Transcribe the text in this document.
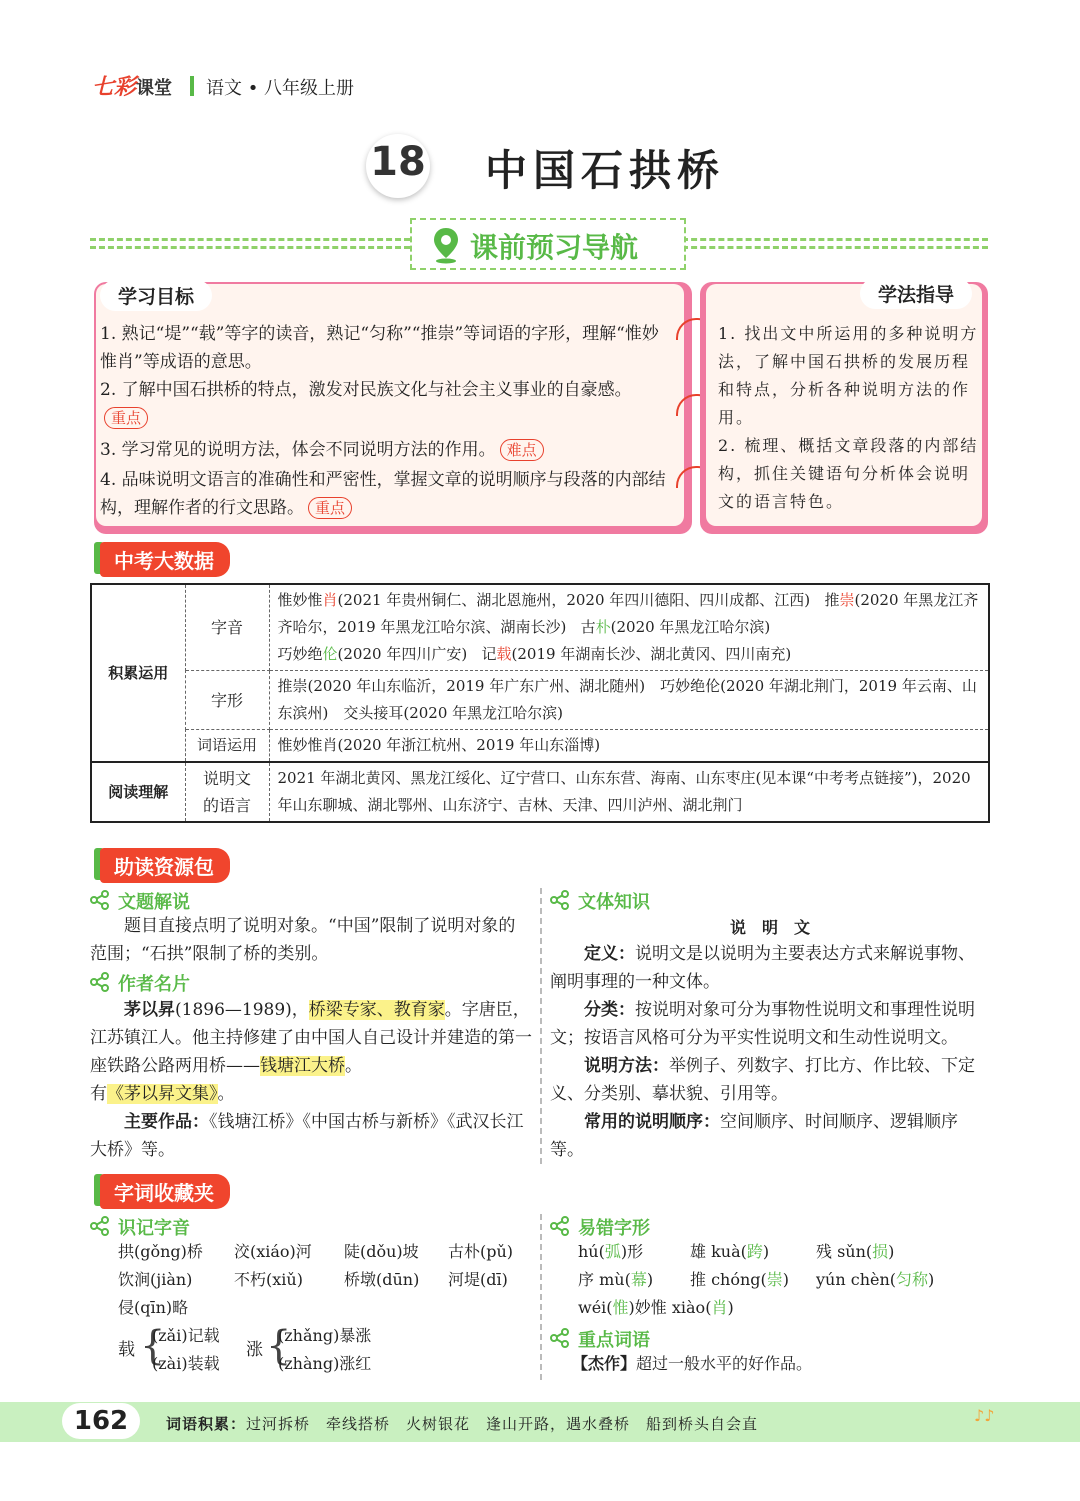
七彩课堂 语文 • 八年级上册
18 中国石拱桥
课前预习导航
学习目标
1. 熟记“堤”“载”等字的读音，熟记“匀称”“推崇”等词语的字形，理解“惟妙惟肖”等成语的意思。
2. 了解中国石拱桥的特点，激发对民族文化与社会主义事业的自豪感。重点
3. 学习常见的说明方法，体会不同说明方法的作用。 难点
4. 品味说明文语言的准确性和严密性，掌握文章的说明顺序与段落的内部结构，理解作者的行文思路。 重点
学法指导
1. 找出文中所运用的多种说明方法，了解中国石拱桥的发展历程和特点，分析各种说明方法的作用。
2. 梳理、概括文章段落的内部结构，抓住关键语句分析体会说明文的语言特色。
中考大数据
积累运用	字音	惟妙惟肖(2021 年贵州铜仁、湖北恩施州，2020 年四川德阳、四川成都、江西) 推崇(2020 年黑龙江齐齐哈尔，2019 年黑龙江哈尔滨、湖南长沙) 古朴(2020 年黑龙江哈尔滨)
巧妙绝伦(2020 年四川广安) 记载(2019 年湖南长沙、湖北黄冈、四川南充)
	字形	推崇(2020 年山东临沂，2019 年广东广州、湖北随州)　巧妙绝伦(2020 年湖北荆门，2019 年云南、山东滨州)　交头接耳(2020 年黑龙江哈尔滨)
	词语运用	惟妙惟肖(2020 年浙江杭州、2019 年山东淄博)
阅读理解	说明文
的语言	2021 年湖北黄冈、黑龙江绥化、辽宁营口、山东东营、海南、山东枣庄(见本课“中考考点链接”)，2020 年山东聊城、湖北鄂州、山东济宁、吉林、天津、四川泸州、湖北荆门
助读资源包
文题解说
题目直接点明了说明对象。“中国”限制了说明对象的范围；“石拱”限制了桥的类别。
作者名片
茅以昇(1896—1989)，桥梁专家、教育家。字唐臣，江苏镇江人。他主持修建了由中国人自己设计并建造的第一座铁路公路两用桥——钱塘江大桥。
有《茅以昇文集》。
主要作品：《钱塘江桥》《中国古桥与新桥》《武汉长江大桥》等。
文体知识
说　明　文
定义：说明文是以说明为主要表达方式来解说事物、阐明事理的一种文体。
分类：按说明对象可分为事物性说明文和事理性说明文；按语言风格可分为平实性说明文和生动性说明文。
说明方法：举例子、列数字、打比方、作比较、下定义、分类别、摹状貌、引用等。
常用的说明顺序：空间顺序、时间顺序、逻辑顺序等。
字词收藏夹
识记字音
拱(gǒng)桥 洨(xiáo)河 陡(dǒu)坡 古朴(pǔ)
饮涧(jiàn)	不朽(xiǔ)	桥墩(dūn) 河堤(dī)
侵(qīn)略
载 {
(zǎi)记载
(zài)装载
涨 {
(zhǎng)暴涨
(zhàng)涨红
易错字形
hú(弧)形	雄 kuà(跨)	残 sǔn(损)
序 mù(幕) 推 chóng(崇) yún chèn(匀称)
wéi(惟)妙惟 xiào(肖)
重点词语
【杰作】超过一般水平的好作品。
162	词语积累：过河拆桥　牵线搭桥　火树银花　逢山开路，遇水叠桥　船到桥头自会直	♪♪
